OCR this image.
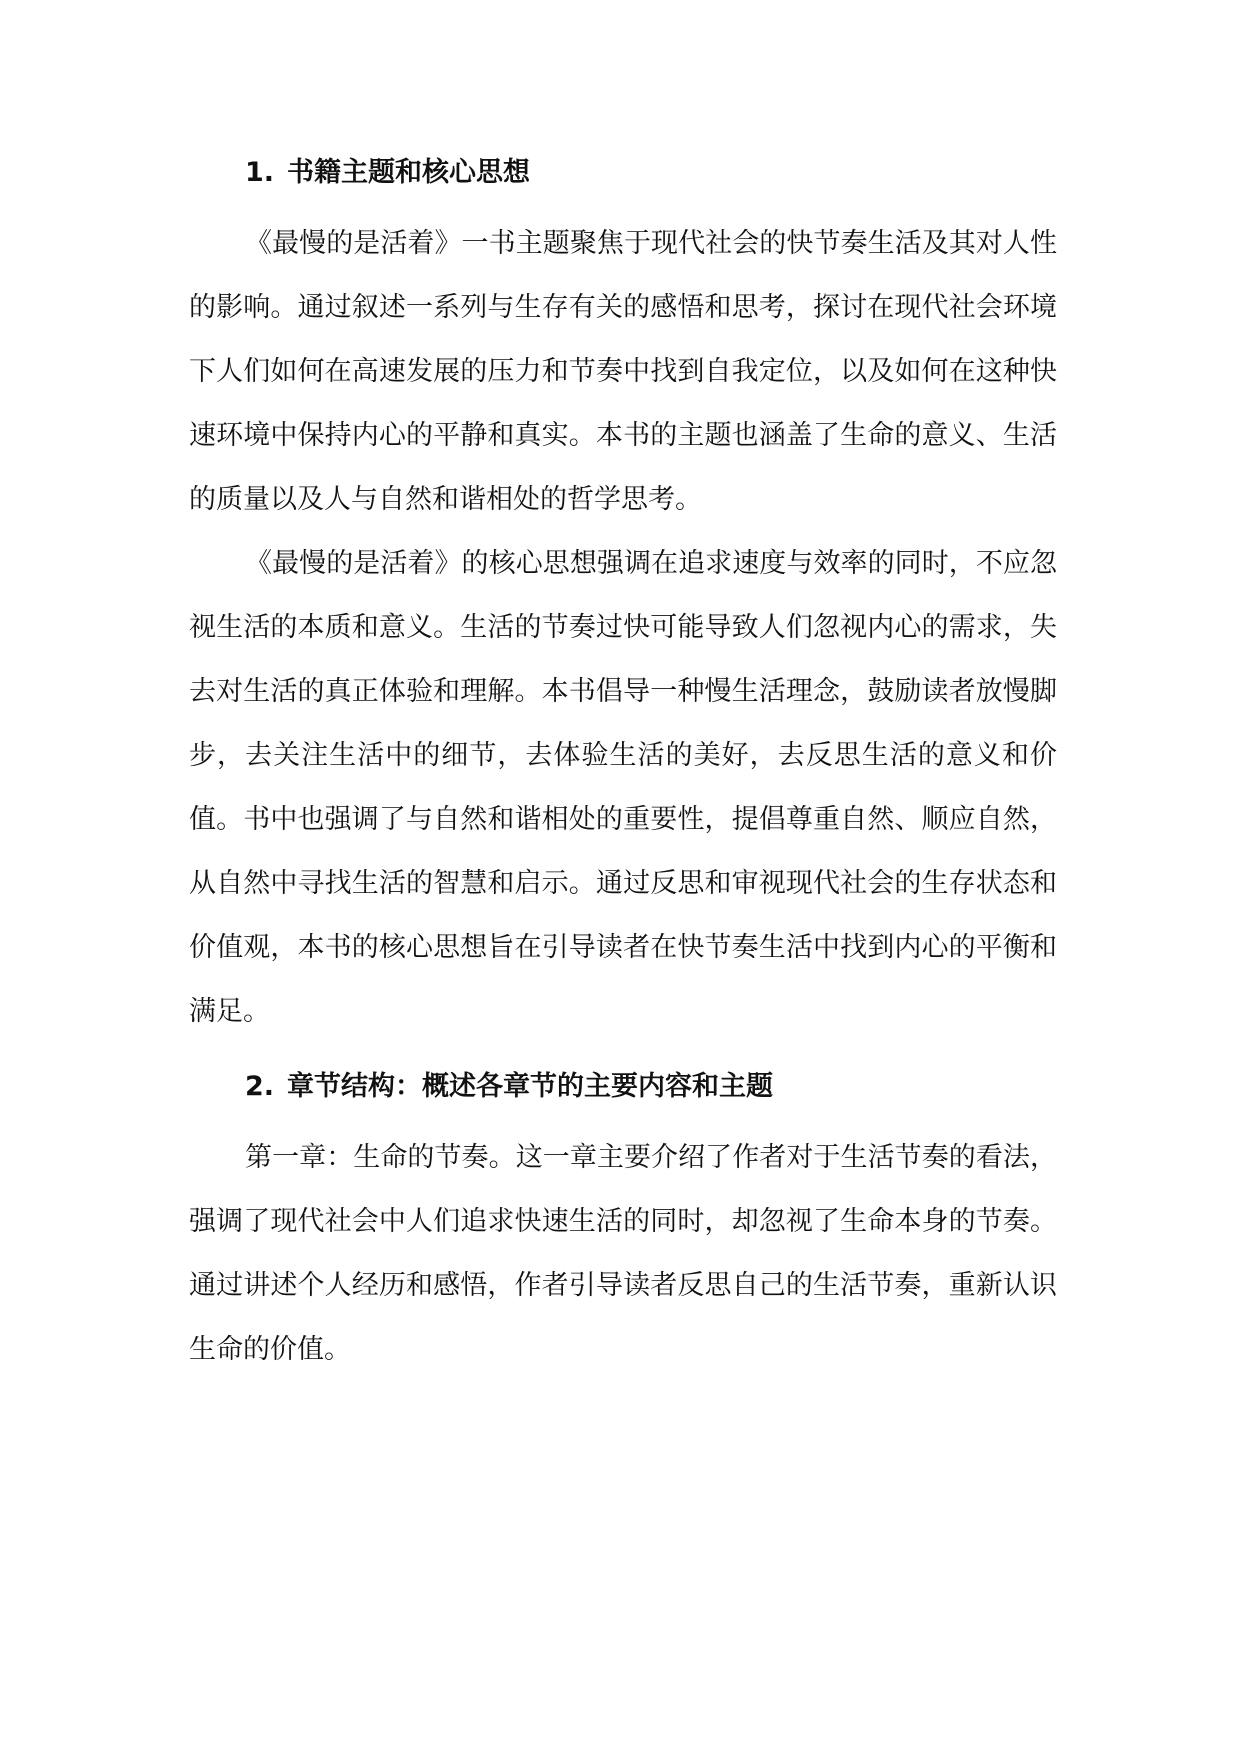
1. 书籍主题和核心思想

《最慢的是活着》一书主题聚焦于现代社会的快节奏生活及其对人性的影响。通过叙述一系列与生存有关的感悟和思考，探讨在现代社会环境下人们如何在高速发展的压力和节奏中找到自我定位，以及如何在这种快速环境中保持内心的平静和真实。本书的主题也涵盖了生命的意义、生活的质量以及人与自然和谐相处的哲学思考。

《最慢的是活着》的核心思想强调在追求速度与效率的同时，不应忽视生活的本质和意义。生活的节奏过快可能导致人们忽视内心的需求，失去对生活的真正体验和理解。本书倡导一种慢生活理念，鼓励读者放慢脚步，去关注生活中的细节，去体验生活的美好，去反思生活的意义和价值。书中也强调了与自然和谐相处的重要性，提倡尊重自然、顺应自然，从自然中寻找生活的智慧和启示。通过反思和审视现代社会的生存状态和价值观，本书的核心思想旨在引导读者在快节奏生活中找到内心的平衡和满足。

2. 章节结构：概述各章节的主要内容和主题

第一章：生命的节奏。这一章主要介绍了作者对于生活节奏的看法，强调了现代社会中人们追求快速生活的同时，却忽视了生命本身的节奏。通过讲述个人经历和感悟，作者引导读者反思自己的生活节奏，重新认识生命的价值。
